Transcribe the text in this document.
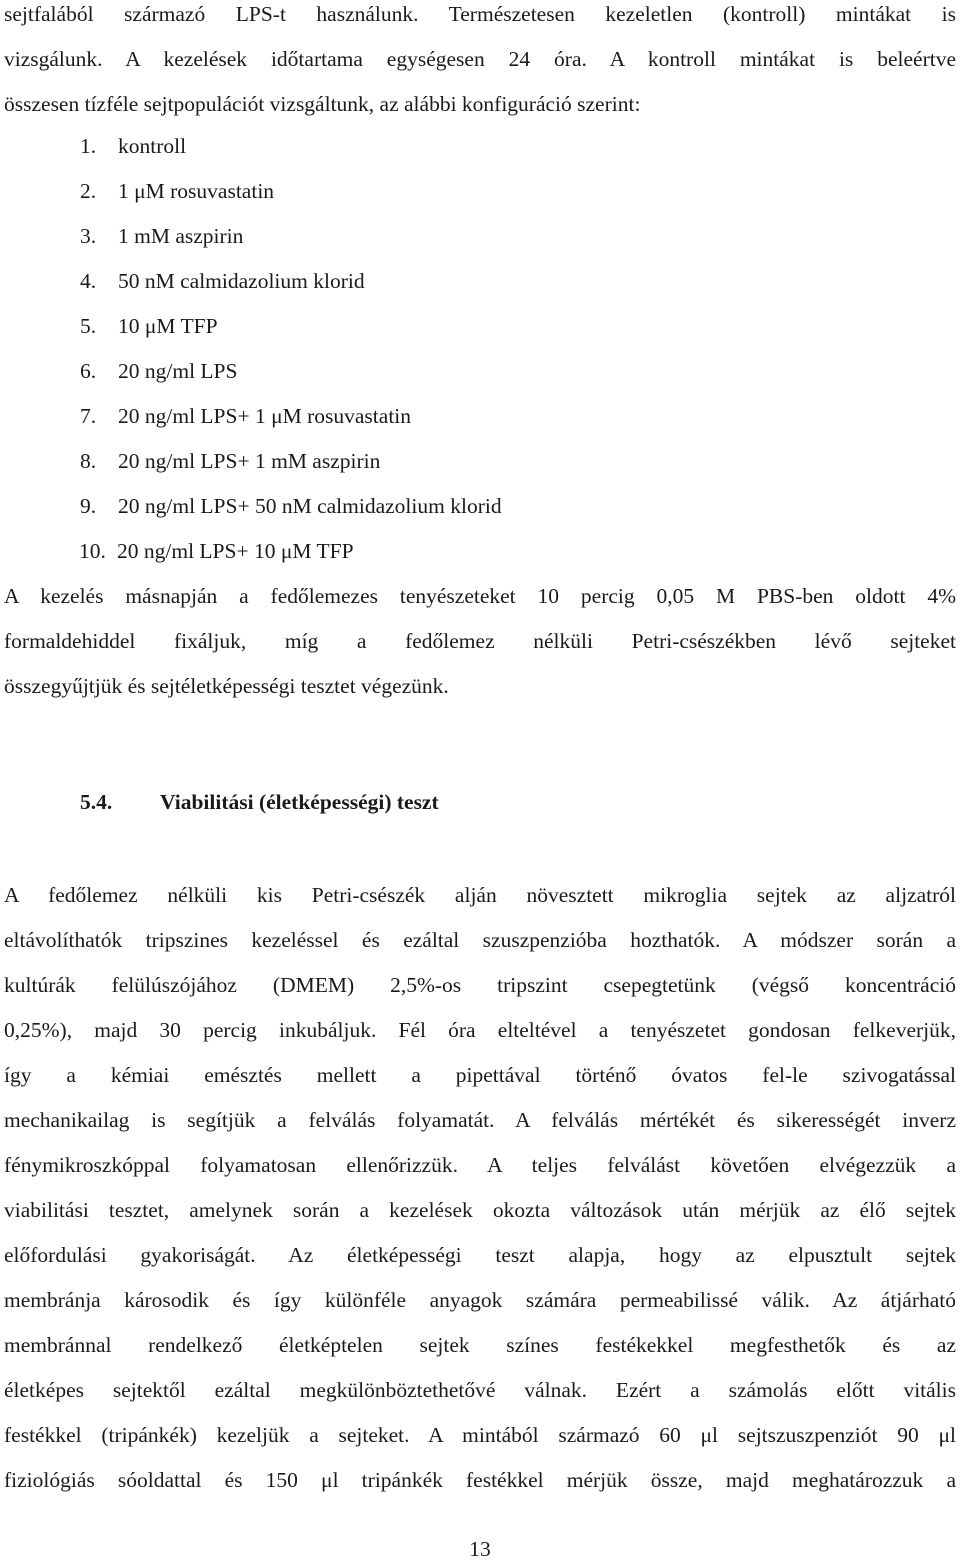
sejtfalából származó LPS-t használunk. Természetesen kezeletlen (kontroll) mintákat is
vizsgálunk. A kezelések időtartama egységesen 24 óra. A kontroll mintákat is beleértve
összesen tízféle sejtpopulációt vizsgáltunk, az alábbi konfiguráció szerint:
1. kontroll
2. 1 μM rosuvastatin
3. 1 mM aszpirin
4. 50 nM calmidazolium klorid
5. 10 μM TFP
6. 20 ng/ml LPS
7. 20 ng/ml LPS+ 1 μM rosuvastatin
8. 20 ng/ml LPS+ 1 mM aszpirin
9. 20 ng/ml LPS+ 50 nM calmidazolium klorid
10. 20 ng/ml LPS+ 10 μM TFP
A kezelés másnapján a fedőlemezes tenyészeteket 10 percig 0,05 M PBS-ben oldott 4%
formaldehiddel fixáljuk, míg a fedőlemez nélküli Petri-csészékben lévő sejteket
összegyűjtjük és sejtéletképességi tesztet végezünk.
5.4. Viabilitási (életképességi) teszt
A fedőlemez nélküli kis Petri-csészék alján növesztett mikroglia sejtek az aljzatról
eltávolíthatók tripszines kezeléssel és ezáltal szuszpenzióba hozthatók. A módszer során a
kultúrák felülúszójához (DMEM) 2,5%-os tripszint csepegtetünk (végső koncentráció
0,25%), majd 30 percig inkubáljuk. Fél óra elteltével a tenyészetet gondosan felkeverjük,
így a kémiai emésztés mellett a pipettával történő óvatos fel-le szivogatással
mechanikailag is segítjük a felválás folyamatát. A felválás mértékét és sikerességét inverz
fénymikroszkóppal folyamatosan ellenőrizzük. A teljes felválást követően elvégezzük a
viabilitási tesztet, amelynek során a kezelések okozta változások után mérjük az élő sejtek
előfordulási gyakoriságát. Az életképességi teszt alapja, hogy az elpusztult sejtek
membránja károsodik és így különféle anyagok számára permeabilissé válik. Az átjárható
membránnal rendelkező életképtelen sejtek színes festékekkel megfesthetők és az
életképes sejtektől ezáltal megkülönböztethetővé válnak. Ezért a számolás előtt vitális
festékkel (tripánkék) kezeljük a sejteket. A mintából származó 60 μl sejtszuszpenziót 90 μl
fiziológiás sóoldattal és 150 μl tripánkék festékkel mérjük össze, majd meghatározzuk a
13
